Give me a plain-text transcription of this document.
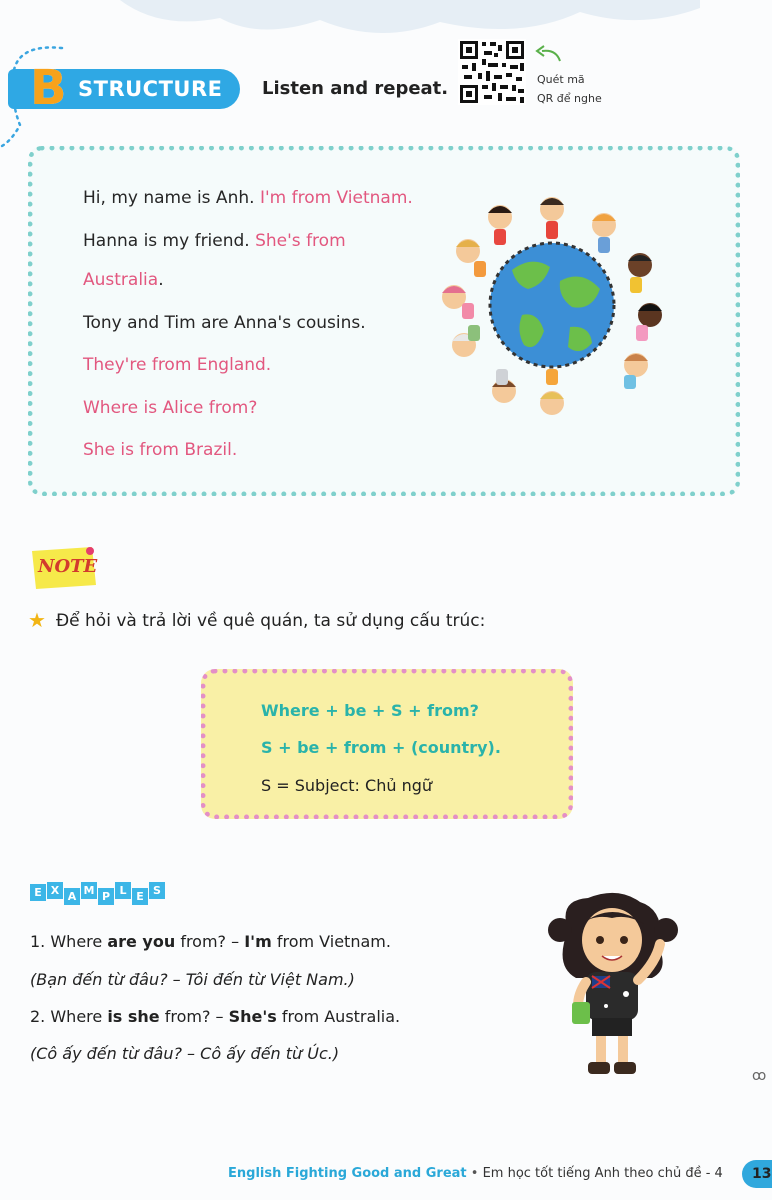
B STRUCTURE Listen and repeat.	Quét mã
QR để nghe
Hi, my name is Anh. I'm from Vietnam.
Hanna is my friend. She's from
Australia.
Tony and Tim are Anna's cousins.
They're from England.
Where is Alice from?
She is from Brazil.
NOTE
★ Để hỏi và trả lời về quê quán, ta sử dụng cấu trúc:
Where + be + S + from?
S + be + from + (country).
S = Subject: Chủ ngữ
E X A M P L E S
1. Where are you from? – I'm from Vietnam.
(Bạn đến từ đâu? – Tôi đến từ Việt Nam.)
2. Where is she from? – She's from Australia.
(Cô ấy đến từ đâu? – Cô ấy đến từ Úc.)
ꝏ
English Fighting Good and Great • Em học tốt tiếng Anh theo chủ đề - 4	13
